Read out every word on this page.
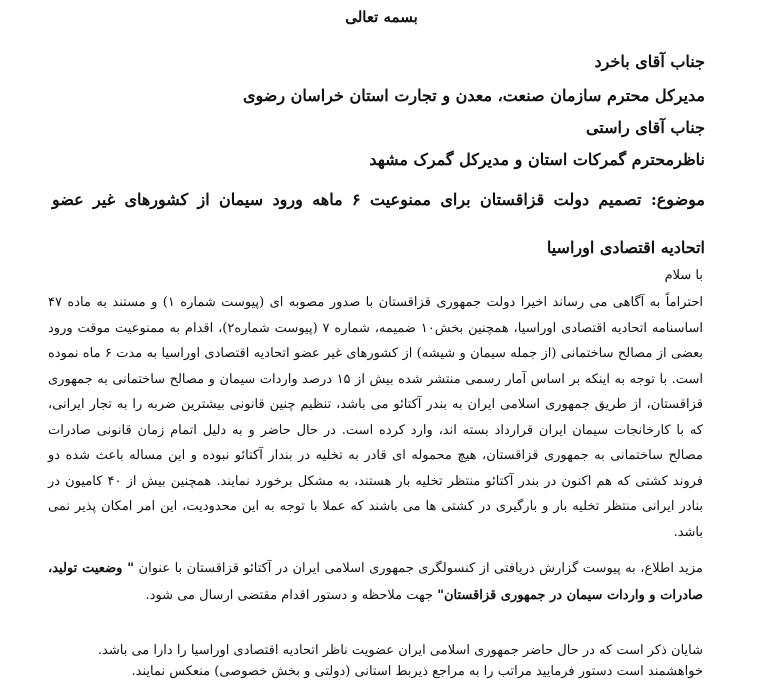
بسمه تعالی
جناب آقای باخرد
مدیرکل محترم سازمان صنعت، معدن و تجارت استان خراسان رضوی
جناب آقای راستی
ناظرمحترم گمرکات استان و مدیرکل گمرک مشهد
موضوع: تصمیم دولت قزاقستان برای ممنوعیت ۶ ماهه ورود سیمان از کشورهای غیر عضو اتحادیه اقتصادی اوراسیا
با سلام
احتراماً به آگاهی می رساند اخیرا دولت جمهوری قزاقستان با صدور مصوبه ای (پیوست شماره ۱) و مستند به ماده ۴۷ اساسنامه اتحادیه اقتصادی اوراسیا، همچنین بخش۱۰ ضمیمه، شماره ۷ (پیوست شماره۲)، اقدام به ممنوعیت موقت ورود بعضی از مصالح ساختمانی (از جمله سیمان و شیشه) از کشورهای غیر عضو اتحادیه اقتصادی اوراسیا به مدت ۶ ماه نموده است. با توجه به اینکه بر اساس آمار رسمی منتشر شده بیش از ۱۵ درصد واردات سیمان و مصالح ساختمانی به جمهوری قزاقستان، از طریق جمهوری اسلامی ایران به بندر آکتائو می باشد، تنظیم چنین قانونی بیشترین ضربه را به تجار ایرانی، که با کارخانجات سیمان ایران قرارداد بسته اند، وارد کرده است. در حال حاضر و به دلیل اتمام زمان قانونی صادرات مصالح ساختمانی به جمهوری قزاقستان، هیچ محموله ای قادر به تخلیه در بندار آکتائو نبوده و این مساله باعث شده دو فروند کشتی که هم اکنون در بندر آکتائو منتظر تخلیه بار هستند، به مشکل برخورد نمایند. همچنین بیش از ۴۰ کامیون در بنادر ایرانی منتظر تخلیه بار و بارگیری در کشتی ها می باشند که عملا با توجه به این محدودیت، این امر امکان پذیر نمی باشد.
مزید اطلاع، به پیوست گزارش دریافتی از کنسولگری جمهوری اسلامی ایران در آکتائو قزاقستان با عنوان " وضعیت تولید، صادرات و واردات سیمان در جمهوری قزاقستان" جهت ملاحظه و دستور اقدام مقتضی ارسال می شود.
شایان ذکر است که در حال حاضر جمهوری اسلامی ایران عضویت ناظر اتحادیه اقتصادی اوراسیا را دارا می باشد.
خواهشمند است دستور فرمایید مراتب را به مراجع ذیربط استانی (دولتی و بخش خصوصی) منعکس نمایند.
